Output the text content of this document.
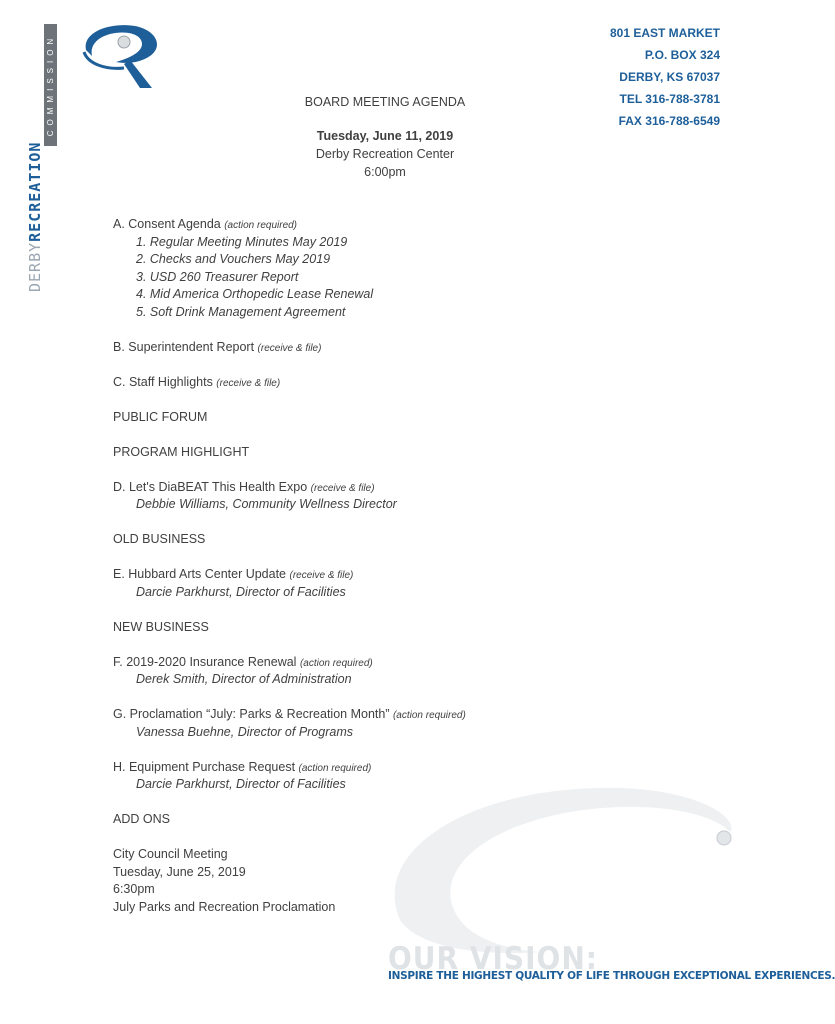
COMMISSION
DERBYRECREATION
801 EAST MARKET
P.O. BOX 324
DERBY, KS 67037
TEL 316-788-3781
FAX 316-788-6549
BOARD MEETING AGENDA
Tuesday, June 11, 2019
Derby Recreation Center
6:00pm
A. Consent Agenda (action required)
1. Regular Meeting Minutes May 2019
2. Checks and Vouchers May 2019
3. USD 260 Treasurer Report
4. Mid America Orthopedic Lease Renewal
5. Soft Drink Management Agreement
B. Superintendent Report (receive & file)
C. Staff Highlights (receive & file)
PUBLIC FORUM
PROGRAM HIGHLIGHT
D. Let's DiaBEAT This Health Expo (receive & file)
Debbie Williams, Community Wellness Director
OLD BUSINESS
E. Hubbard Arts Center Update (receive & file)
Darcie Parkhurst, Director of Facilities
NEW BUSINESS
F. 2019-2020 Insurance Renewal (action required)
Derek Smith, Director of Administration
G. Proclamation “July: Parks & Recreation Month” (action required)
Vanessa Buehne, Director of Programs
H. Equipment Purchase Request (action required)
Darcie Parkhurst, Director of Facilities
ADD ONS
City Council Meeting
Tuesday, June 25, 2019
6:30pm
July Parks and Recreation Proclamation
OUR VISION:
INSPIRE THE HIGHEST QUALITY OF LIFE THROUGH EXCEPTIONAL EXPERIENCES.
